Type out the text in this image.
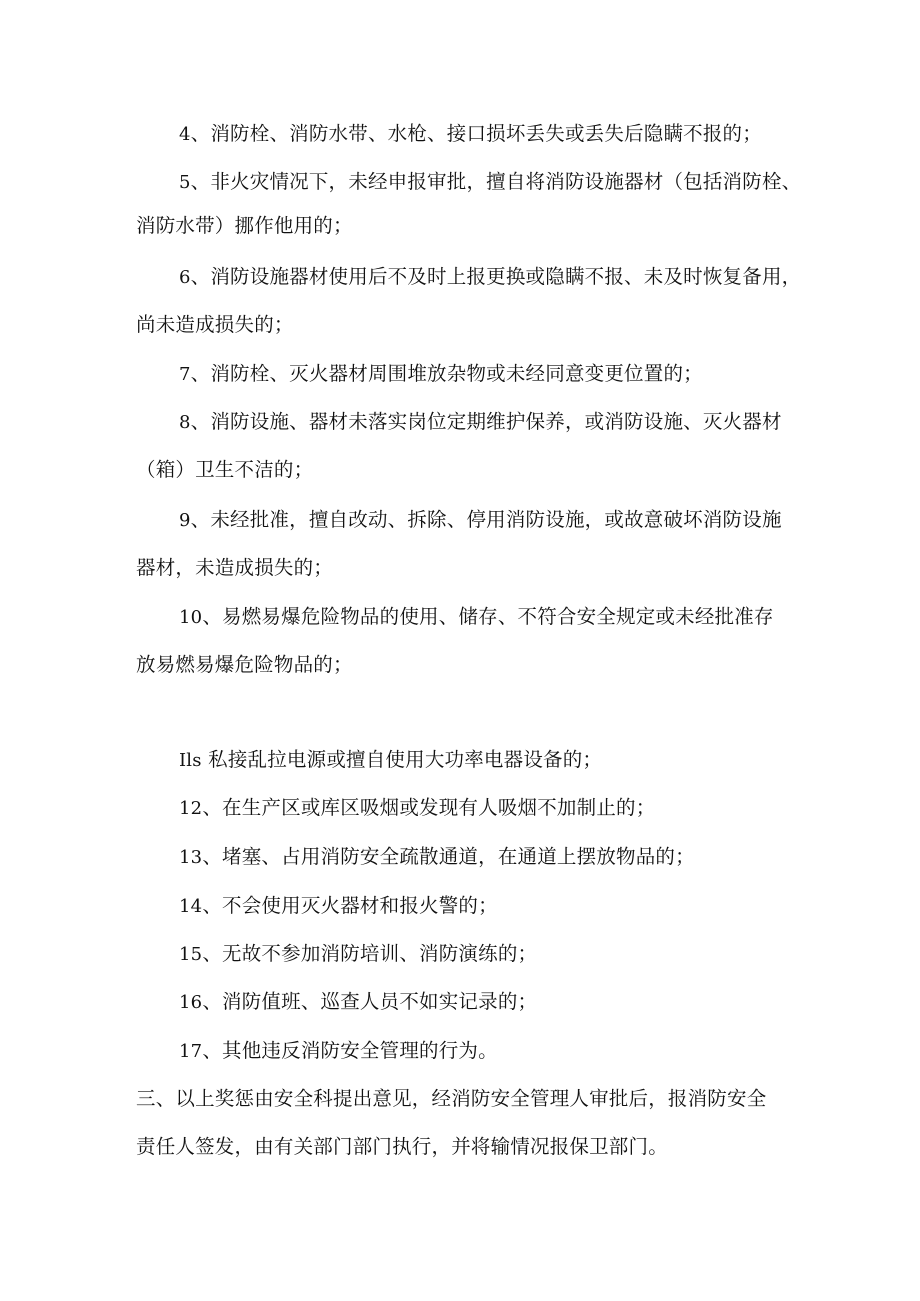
4、消防栓、消防水带、水枪、接口损坏丢失或丢失后隐瞒不报的；

5、非火灾情况下，未经申报审批，擅自将消防设施器材（包括消防栓、

消防水带）挪作他用的；

6、消防设施器材使用后不及时上报更换或隐瞒不报、未及时恢复备用，

尚未造成损失的；

7、消防栓、灭火器材周围堆放杂物或未经同意变更位置的；

8、消防设施、器材未落实岗位定期维护保养，或消防设施、灭火器材

（箱）卫生不洁的；

9、未经批准，擅自改动、拆除、停用消防设施，或故意破坏消防设施

器材，未造成损失的；

10、易燃易爆危险物品的使用、储存、不符合安全规定或未经批准存

放易燃易爆危险物品的；

Ils 私接乱拉电源或擅自使用大功率电器设备的；

12、在生产区或库区吸烟或发现有人吸烟不加制止的；

13、堵塞、占用消防安全疏散通道，在通道上摆放物品的；

14、不会使用灭火器材和报火警的；

15、无故不参加消防培训、消防演练的；

16、消防值班、巡查人员不如实记录的；

17、其他违反消防安全管理的行为。

三、以上奖惩由安全科提出意见，经消防安全管理人审批后，报消防安全

责任人签发，由有关部门部门执行，并将输情况报保卫部门。
